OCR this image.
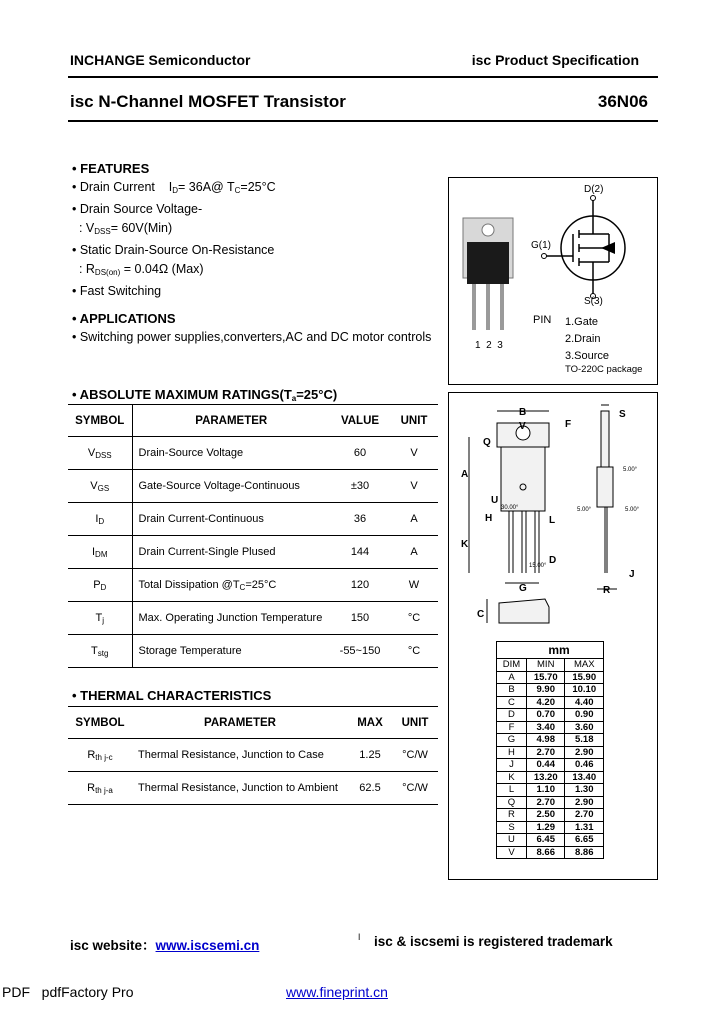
INCHANGE Semiconductor	isc Product Specification
isc N-Channel MOSFET Transistor	36N06
• FEATURES
• Drain Current    $I_D=$ 36A@ $T_C=25^\circ C$
• Drain Source Voltage-
: $V_{DSS}= 60V(Min)$
• Static Drain-Source On-Resistance
: $R_{DS(on)} = 0.04\Omega$ (Max)
• Fast Switching
• APPLICATIONS
• Switching power supplies,converters,AC and DC motor controls
D(2)
G(1)
S(3)
PIN 1.Gate
2.Drain
3.Source
1  2  3
TO-220C package
• ABSOLUTE MAXIMUM $RATINGS(T_a=25^\circ C)$
SYMBOL	PARAMETER	VALUE	UNIT
$V_{DSS}$	Drain-Source Voltage	60	V
$V_{GS}$	Gate-Source Voltage-Continuous	±30	V
$I_D$	Drain Current-Continuous	36	A
$I_{DM}$	Drain Current-Single Plused	144	A
$P_D$	Total Dissipation $@T_C=25^\circ C$	120	W
$T_j$	Max. Operating Junction Temperature	150	°C
$T_{stg}$	Storage Temperature	-55~150	°C
• THERMAL CHARACTERISTICS
SYMBOL	PARAMETER	MAX	UNIT
$R_{th j-c}$	Thermal Resistance, Junction to Case	1.25	°C/W
$R_{th j-a}$	Thermal Resistance, Junction to Ambient	62.5	°C/W
B
V	F
S
Q
A
U
H	L
K
D
G
J
R
C
30.00°
5.00°
5.00°	5.00°
15.00°
mm		
DIM	MIN	MAX
A	15.70	15.90
B	9.90	10.10
C	4.20	4.40
D	0.70	0.90
F	3.40	3.60
G	4.98	5.18
H	2.70	2.90
J	0.44	0.46
K	13.20	13.40
L	1.10	1.30
Q	2.70	2.90
R	2.50	2.70
S	1.29	1.31
U	6.45	6.65
V	8.66	8.86
isc website：www.iscsemi.cn
ǀ isc & iscsemi is registered trademark
PDF   pdfFactory Pro	www.fineprint.cn
